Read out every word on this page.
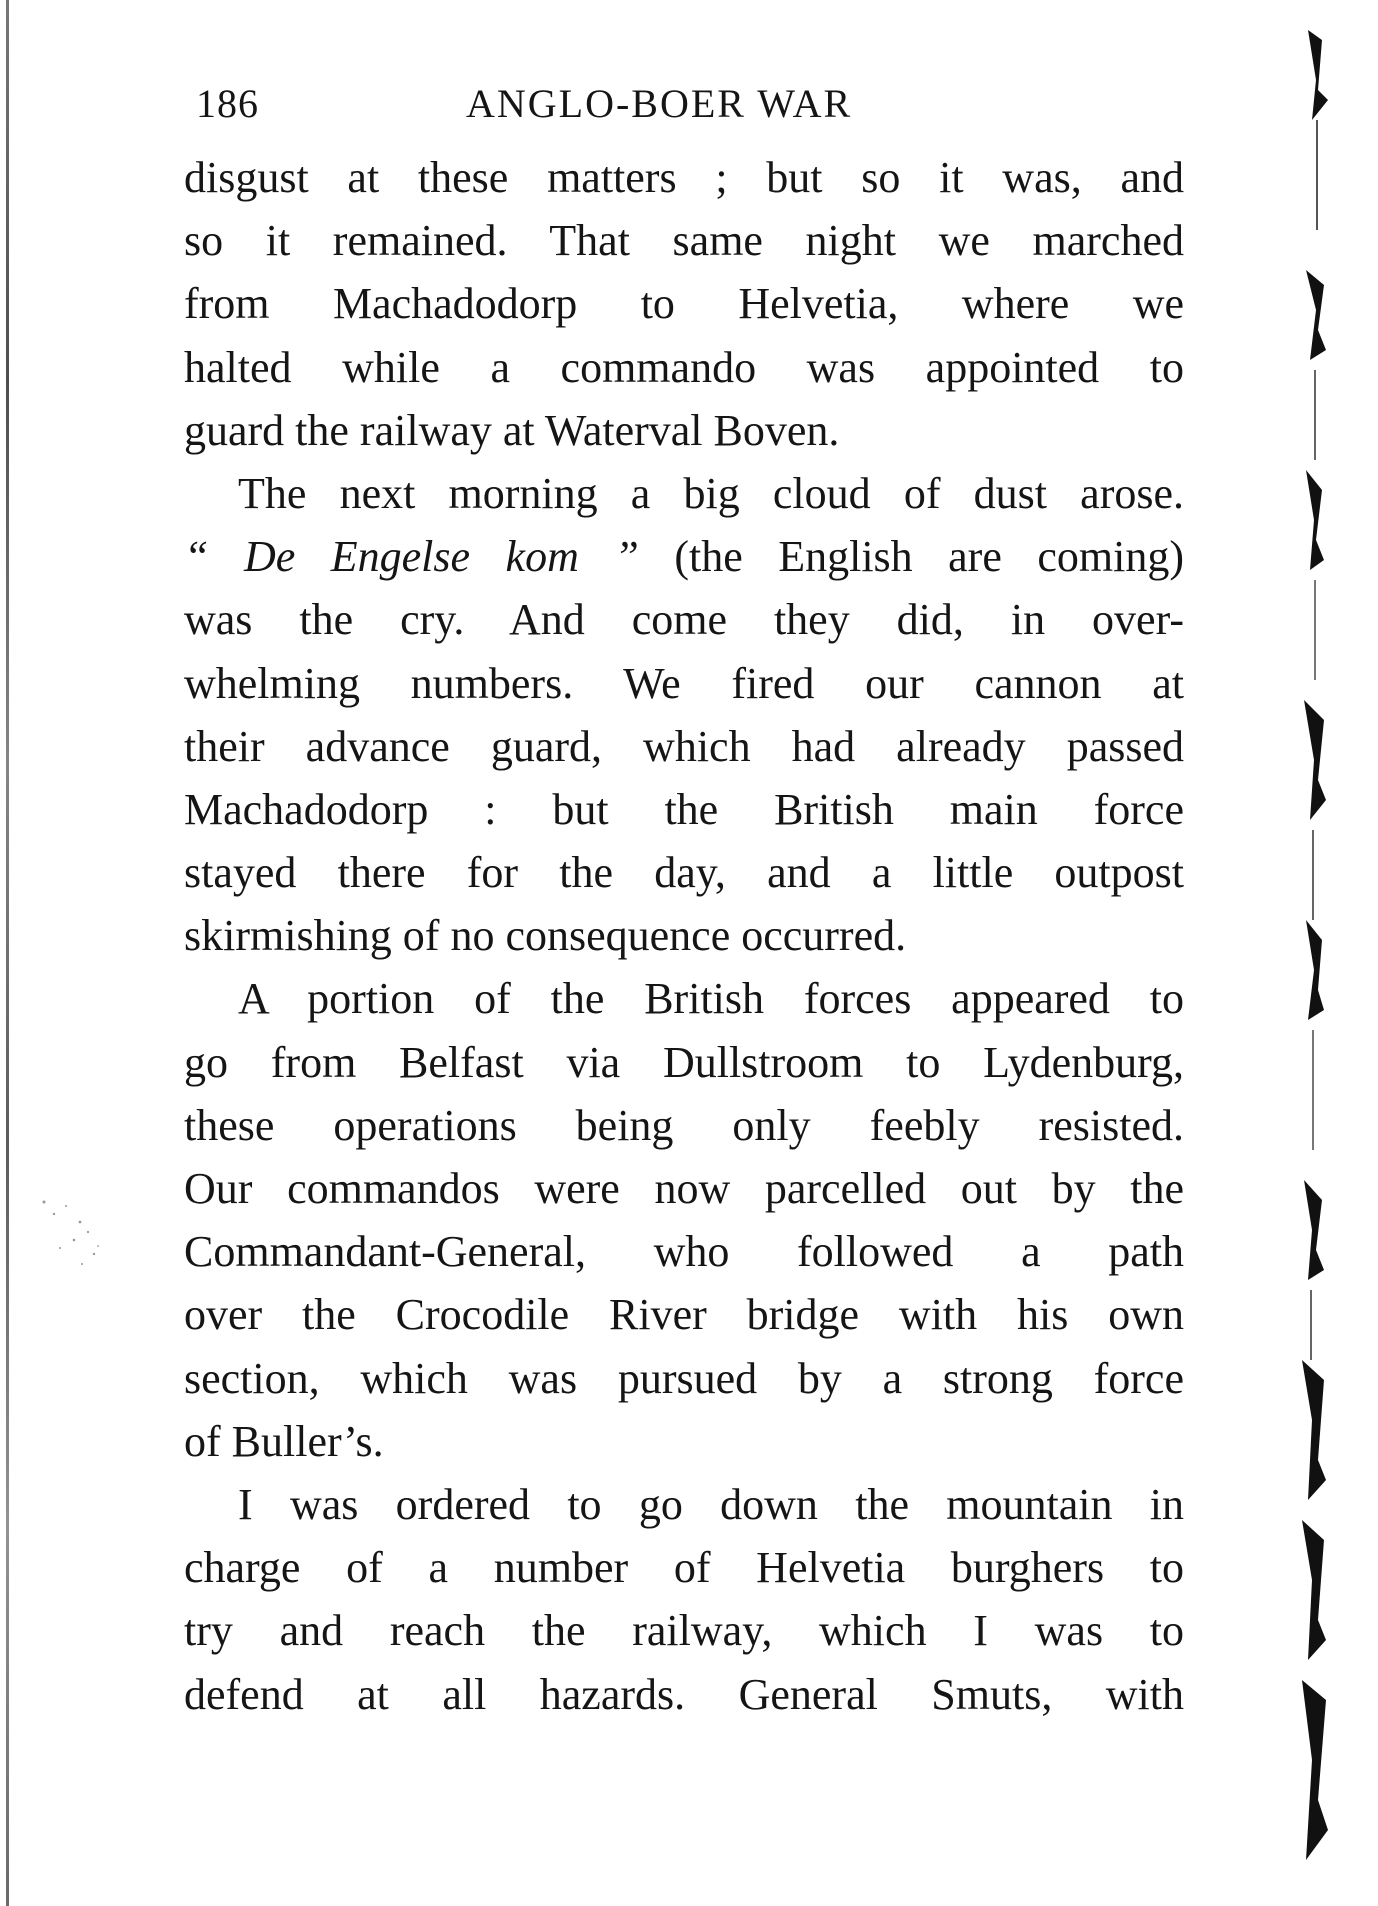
186	ANGLO-BOER WAR
disgust at these matters ; but so it was, and
so it remained. That same night we marched
from Machadodorp to Helvetia, where we
halted while a commando was appointed to
guard the railway at Waterval Boven.
The next morning a big cloud of dust arose.
“ De Engelse kom ” (the English are coming)
was the cry. And come they did, in over-
whelming numbers. We fired our cannon at
their advance guard, which had already passed
Machadodorp : but the British main force
stayed there for the day, and a little outpost
skirmishing of no consequence occurred.
A portion of the British forces appeared to
go from Belfast via Dullstroom to Lydenburg,
these operations being only feebly resisted.
Our commandos were now parcelled out by the
Commandant-General, who followed a path
over the Crocodile River bridge with his own
section, which was pursued by a strong force
of Buller’s.
I was ordered to go down the mountain in
charge of a number of Helvetia burghers to
try and reach the railway, which I was to
defend at all hazards. General Smuts, with
